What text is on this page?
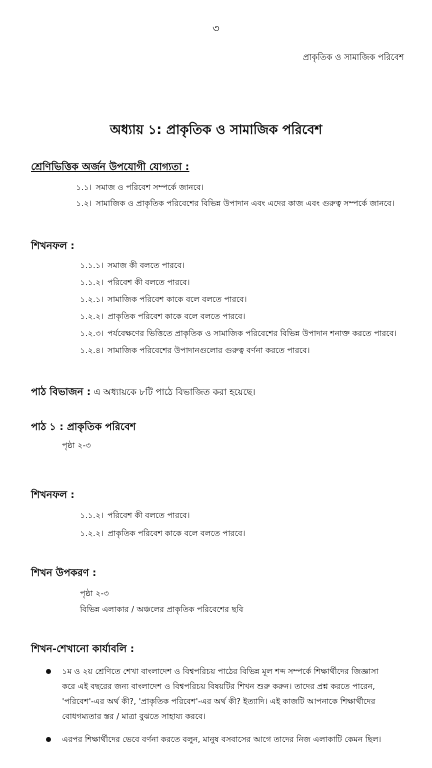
৩
প্রাকৃতিক ও সামাজিক পরিবেশ
অধ্যায় ১: প্রাকৃতিক ও সামাজিক পরিবেশ
শ্রেণিভিত্তিক অর্জন উপযোগী যোগ্যতা :
১.১। সমাজ ও পরিবেশ সম্পর্কে জানবে।
১.২। সামাজিক ও প্রাকৃতিক পরিবেশের বিভিন্ন উপাদান এবং এদের কাজ এবং গুরুত্ব সম্পর্কে জানবে।
শিখনফল :
১.১.১। সমাজ কী বলতে পারবে।
১.১.২। পরিবেশ কী বলতে পারবে।
১.২.১। সামাজিক পরিবেশ কাকে বলে বলতে পারবে।
১.২.২। প্রাকৃতিক পরিবেশ কাকে বলে বলতে পারবে।
১.২.৩। পর্যবেক্ষণের ভিত্তিতে প্রাকৃতিক ও সামাজিক পরিবেশের বিভিন্ন উপাদান শনাক্ত করতে পারবে।
১.২.৪। সামাজিক পরিবেশের উপাদানগুলোর গুরুত্ব বর্ণনা করতে পারবে।
পাঠ বিভাজন : এ অধ্যায়কে ৮টি পাঠে বিভাজিত করা হয়েছে।
পাঠ ১ : প্রাকৃতিক পরিবেশ
পৃষ্ঠা ২-৩
শিখনফল :
১.১.২। পরিবেশ কী বলতে পারবে।
১.২.২। প্রাকৃতিক পরিবেশ কাকে বলে বলতে পারবে।
শিখন উপকরণ :
পৃষ্ঠা ২-৩
বিভিন্ন এলাকার / অঞ্চলের প্রাকৃতিক পরিবেশের ছবি
শিখন-শেখানো কার্যাবলি :
১ম ও ২য় শ্রেণিতে শেখা বাংলাদেশ ও বিশ্বপরিচয় পাঠের বিভিন্ন মূল শব্দ সম্পর্কে শিক্ষার্থীদের জিজ্ঞাসা
করে এই বছরের জন্য বাংলাদেশ ও বিশ্বপরিচয় বিষয়টির শিখন শুরু করুন। তাদের প্রশ্ন করতে পারেন,
'পরিবেশ'-এর অর্থ কী?, 'প্রাকৃতিক পরিবেশ'-এর অর্থ কী? ইত্যাদি। এই কাজটি আপনাকে শিক্ষার্থীদের
বোধগম্যতার স্তর / মাত্রা বুঝতে সাহায্য করবে।
এরপর শিক্ষার্থীদের ভেবে বর্ণনা করতে বলুন, মানুষ বসবাসের আগে তাদের নিজ এলাকাটি কেমন ছিল।
